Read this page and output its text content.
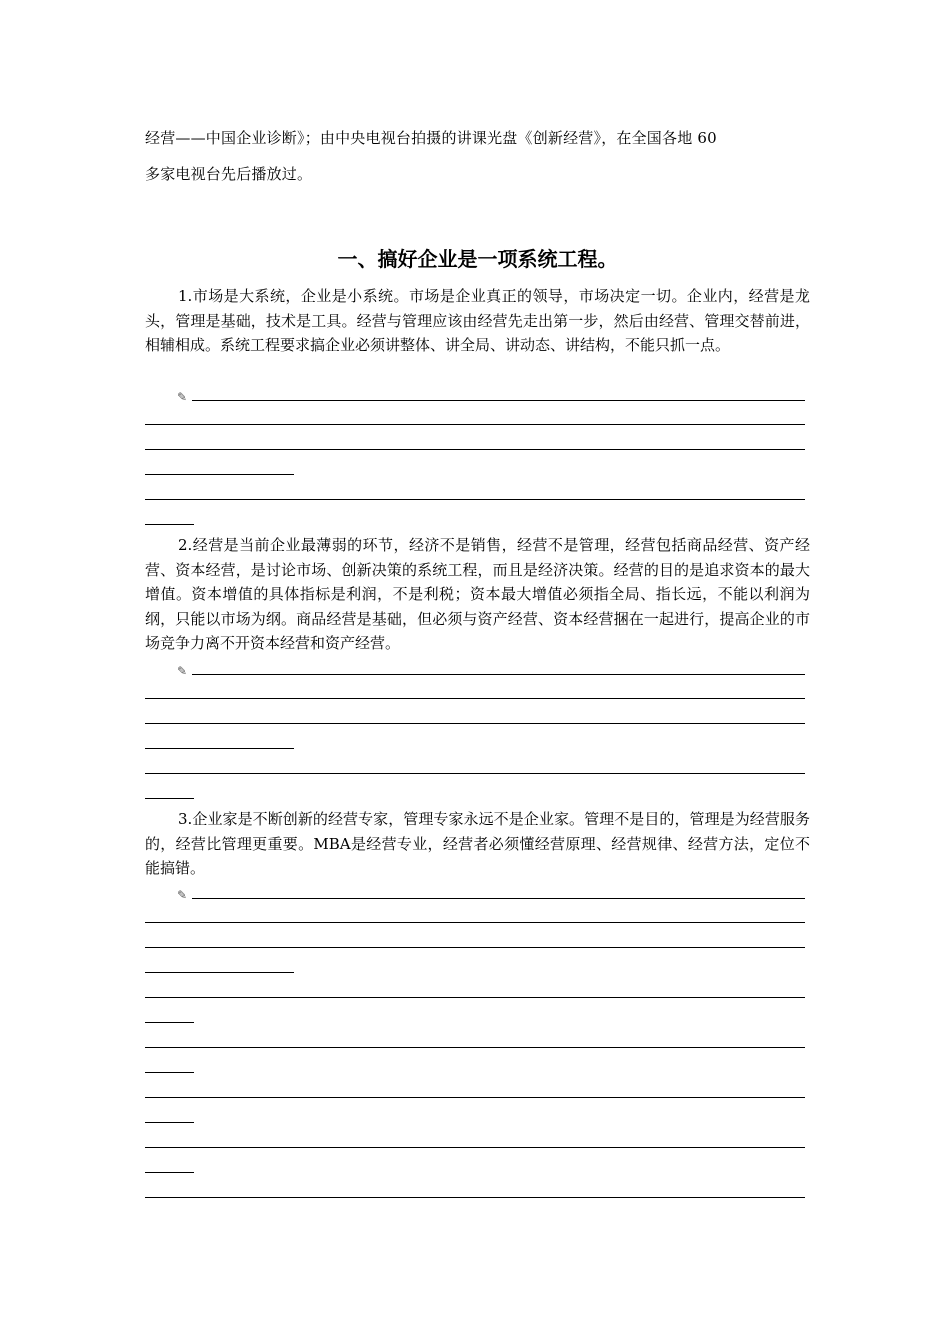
经营——中国企业诊断》；由中央电视台拍摄的讲课光盘《创新经营》，在全国各地 60

多家电视台先后播放过。

一、搞好企业是一项系统工程。

1.市场是大系统，企业是小系统。市场是企业真正的领导，市场决定一切。企业内，经营是龙头，管理是基础，技术是工具。经营与管理应该由经营先走出第一步，然后由经营、管理交替前进，相辅相成。系统工程要求搞企业必须讲整体、讲全局、讲动态、讲结构，不能只抓一点。

✎

2.经营是当前企业最薄弱的环节，经济不是销售，经营不是管理，经营包括商品经营、资产经营、资本经营，是讨论市场、创新决策的系统工程，而且是经济决策。经营的目的是追求资本的最大增值。资本增值的具体指标是利润，不是利税；资本最大增值必须指全局、指长远，不能以利润为纲，只能以市场为纲。商品经营是基础，但必须与资产经营、资本经营捆在一起进行，提高企业的市场竞争力离不开资本经营和资产经营。

✎

3.企业家是不断创新的经营专家，管理专家永远不是企业家。管理不是目的，管理是为经营服务的，经营比管理更重要。MBA是经营专业，经营者必须懂经营原理、经营规律、经营方法，定位不能搞错。

✎
